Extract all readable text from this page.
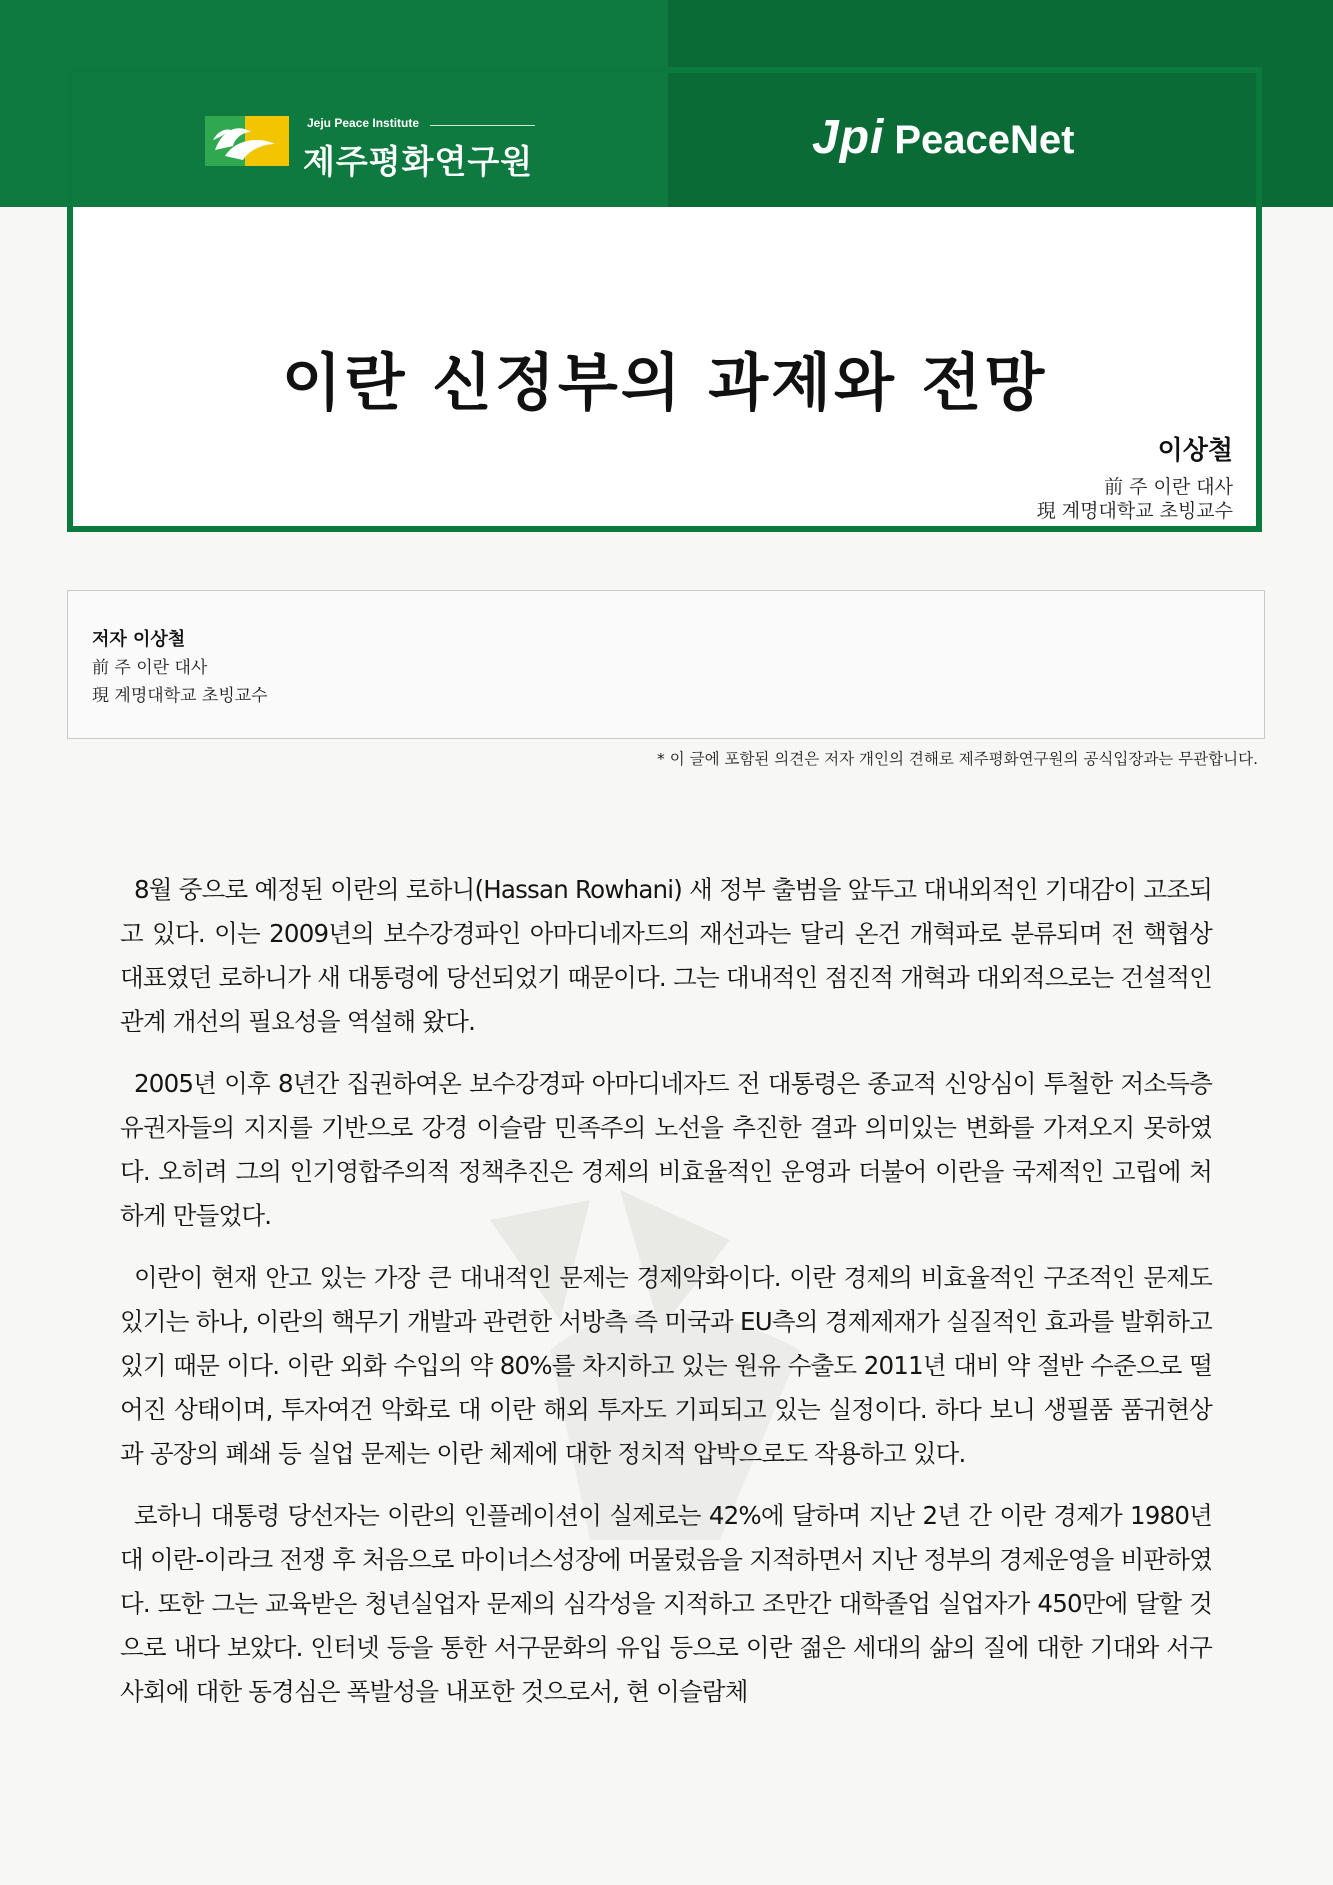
Jeju Peace Institute
제주평화연구원	Jpi PeaceNet
이란 신정부의 과제와 전망
이상철
前 주 이란 대사
現 계명대학교 초빙교수
저자 이상철
前 주 이란 대사
現 계명대학교 초빙교수
* 이 글에 포함된 의견은 저자 개인의 견해로 제주평화연구원의 공식입장과는 무관합니다.

8월 중으로 예정된 이란의 로하니(Hassan Rowhani) 새 정부 출범을 앞두고 대내외적인 기대감이 고조되고 있다. 이는 2009년의 보수강경파인 아마디네자드의 재선과는 달리 온건 개혁파로 분류되며 전 핵협상 대표였던 로하니가 새 대통령에 당선되었기 때문이다. 그는 대내적인 점진적 개혁과 대외적으로는 건설적인 관계 개선의 필요성을 역설해 왔다.

2005년 이후 8년간 집권하여온 보수강경파 아마디네자드 전 대통령은 종교적 신앙심이 투철한 저소득층 유권자들의 지지를 기반으로 강경 이슬람 민족주의 노선을 추진한 결과 의미있는 변화를 가져오지 못하였다. 오히려 그의 인기영합주의적 정책추진은 경제의 비효율적인 운영과 더불어 이란을 국제적인 고립에 처하게 만들었다.

이란이 현재 안고 있는 가장 큰 대내적인 문제는 경제악화이다. 이란 경제의 비효율적인 구조적인 문제도 있기는 하나, 이란의 핵무기 개발과 관련한 서방측 즉 미국과 EU측의 경제제재가 실질적인 효과를 발휘하고 있기 때문 이다. 이란 외화 수입의 약 80%를 차지하고 있는 원유 수출도 2011년 대비 약 절반 수준으로 떨어진 상태이며, 투자여건 악화로 대 이란 해외 투자도 기피되고 있는 실정이다. 하다 보니 생필품 품귀현상과 공장의 폐쇄 등 실업 문제는 이란 체제에 대한 정치적 압박으로도 작용하고 있다.

로하니 대통령 당선자는 이란의 인플레이션이 실제로는 42%에 달하며 지난 2년 간 이란 경제가 1980년대 이란-이라크 전쟁 후 처음으로 마이너스성장에 머물렀음을 지적하면서 지난 정부의 경제운영을 비판하였다. 또한 그는 교육받은 청년실업자 문제의 심각성을 지적하고 조만간 대학졸업 실업자가 450만에 달할 것으로 내다 보았다. 인터넷 등을 통한 서구문화의 유입 등으로 이란 젊은 세대의 삶의 질에 대한 기대와 서구사회에 대한 동경심은 폭발성을 내포한 것으로서, 현 이슬람체
